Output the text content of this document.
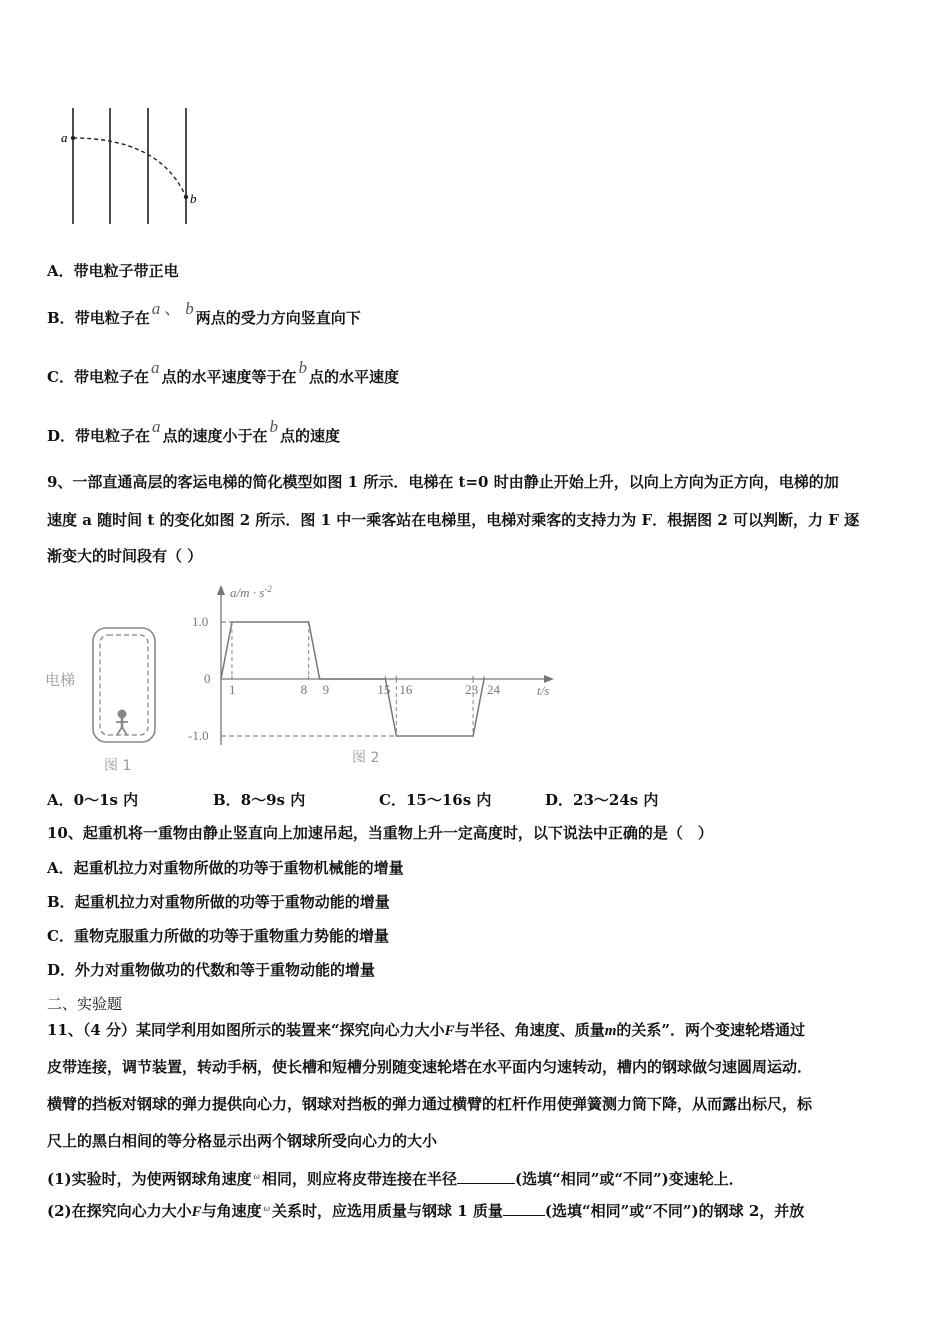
a
b
A．带电粒子带正电
B．带电粒子在 a 、 b 两点的受力方向竖直向下
C．带电粒子在 a 点的水平速度等于在 b 点的水平速度
D．带电粒子在 a 点的速度小于在 b 点的速度
9、一部直通高层的客运电梯的简化模型如图 1 所示．电梯在 t=0 时由静止开始上升，以向上方向为正方向，电梯的加
速度 a 随时间 t 的变化如图 2 所示．图 1 中一乘客站在电梯里，电梯对乘客的支持力为 F．根据图 2 可以判断，力 F 逐
渐变大的时间段有（ ）
电梯
图 1
$a/m \cdot s^{-2}$
t/s
1.0
0
-1.0
1	8 9	15 16	23 24
图 2
A．0～1s 内	B．8～9s 内	C．15～16s 内	D．23～24s 内
10、起重机将一重物由静止竖直向上加速吊起，当重物上升一定高度时，以下说法中正确的是（　）
A．起重机拉力对重物所做的功等于重物机械能的增量
B．起重机拉力对重物所做的功等于重物动能的增量
C．重物克服重力所做的功等于重物重力势能的增量
D．外力对重物做功的代数和等于重物动能的增量
二、实验题
11、（4 分）某同学利用如图所示的装置来“探究向心力大小F与半径、角速度、质量m的关系”．两个变速轮塔通过
皮带连接，调节装置，转动手柄，使长槽和短槽分别随变速轮塔在水平面内匀速转动，槽内的钢球做匀速圆周运动．
横臂的挡板对钢球的弹力提供向心力，钢球对挡板的弹力通过横臂的杠杆作用使弹簧测力筒下降，从而露出标尺，标
尺上的黑白相间的等分格显示出两个钢球所受向心力的大小
(1)实验时，为使两钢球角速度 $^\omega$ 相同，则应将皮带连接在半径	(选填“相同”或“不同”)变速轮上．
(2)在探究向心力大小F与角速度 $^\omega$ 关系时，应选用质量与钢球 1 质量	(选填“相同”或“不同”)的钢球 2，并放
